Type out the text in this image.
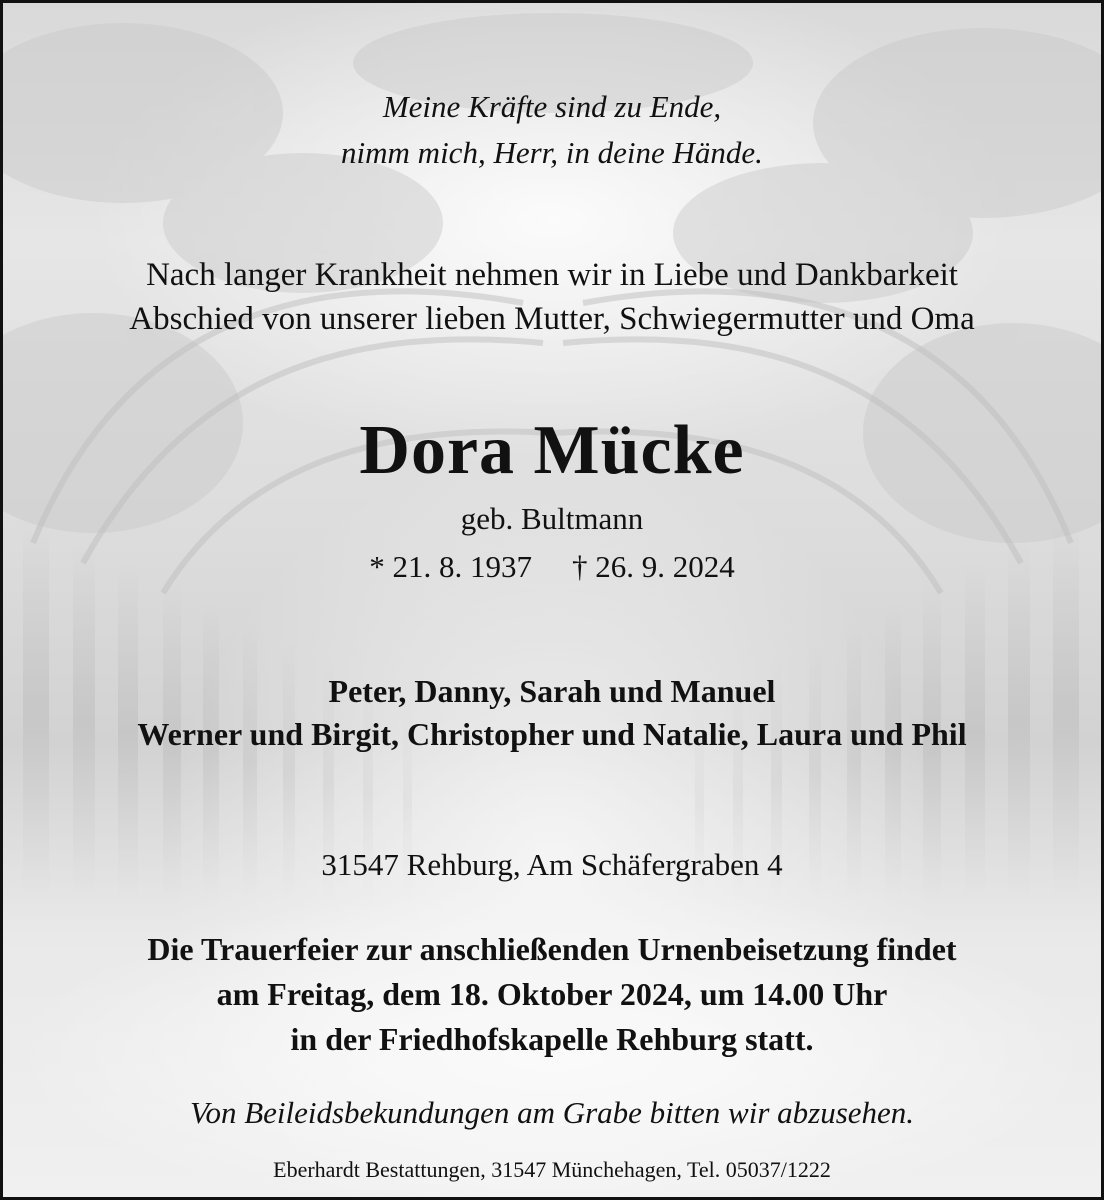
Meine Kräfte sind zu Ende,
nimm mich, Herr, in deine Hände.
Nach langer Krankheit nehmen wir in Liebe und Dankbarkeit
Abschied von unserer lieben Mutter, Schwiegermutter und Oma
Dora Mücke
geb. Bultmann
* 21. 8. 1937 † 26. 9. 2024
Peter, Danny, Sarah und Manuel
Werner und Birgit, Christopher und Natalie, Laura und Phil
31547 Rehburg, Am Schäfergraben 4
Die Trauerfeier zur anschließenden Urnenbeisetzung findet
am Freitag, dem 18. Oktober 2024, um 14.00 Uhr
in der Friedhofskapelle Rehburg statt.
Von Beileidsbekundungen am Grabe bitten wir abzusehen.
Eberhardt Bestattungen, 31547 Münchehagen, Tel. 05037/1222
